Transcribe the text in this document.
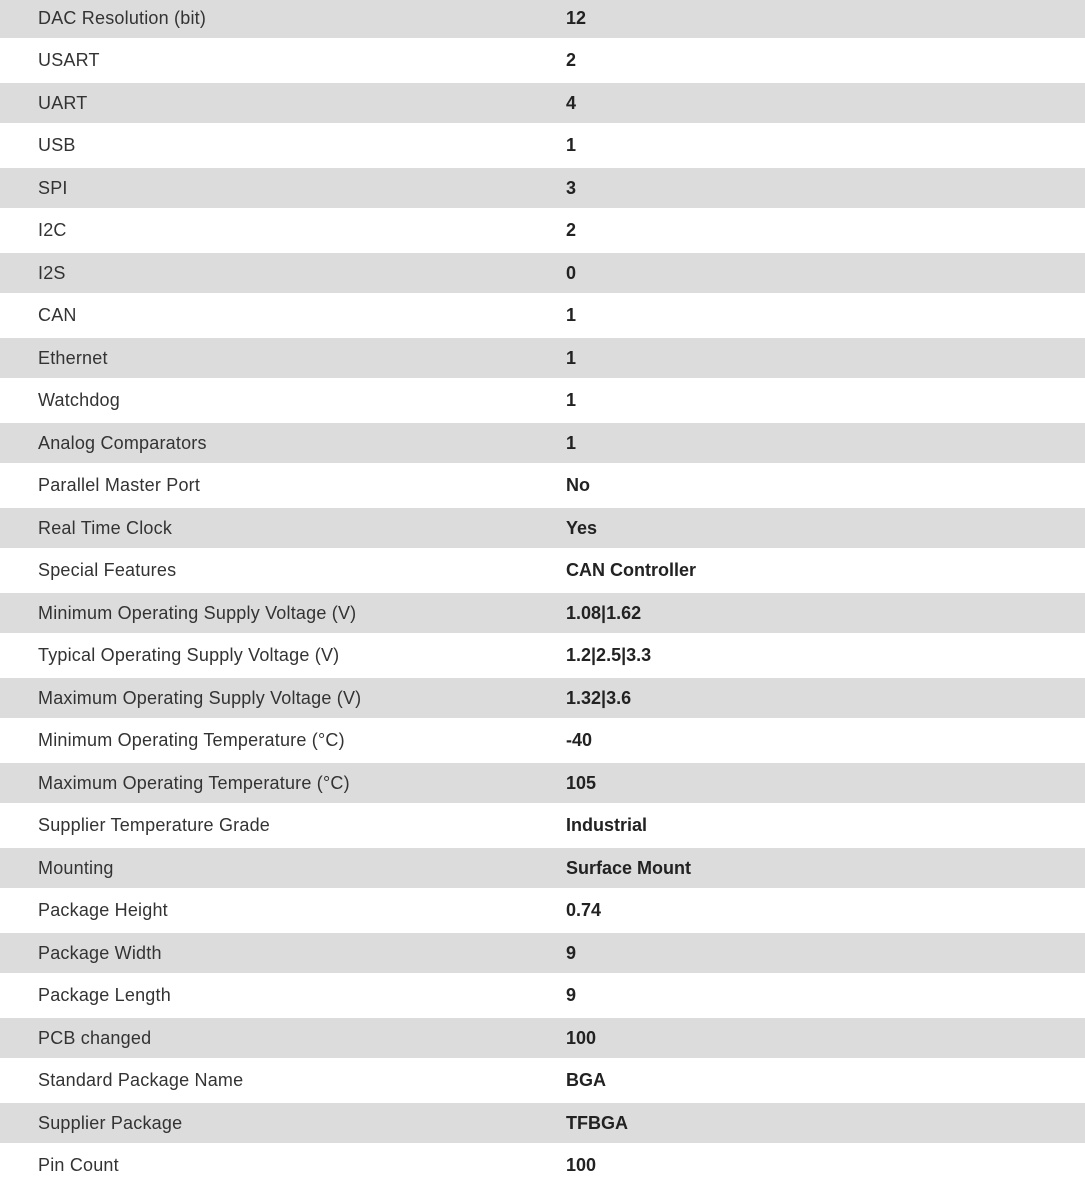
DAC Resolution (bit)	12
USART	2
UART	4
USB	1
SPI	3
I2C	2
I2S	0
CAN	1
Ethernet	1
Watchdog	1
Analog Comparators	1
Parallel Master Port	No
Real Time Clock	Yes
Special Features	CAN Controller
Minimum Operating Supply Voltage (V)	1.08|1.62
Typical Operating Supply Voltage (V)	1.2|2.5|3.3
Maximum Operating Supply Voltage (V)	1.32|3.6
Minimum Operating Temperature (°C)	-40
Maximum Operating Temperature (°C)	105
Supplier Temperature Grade	Industrial
Mounting	Surface Mount
Package Height	0.74
Package Width	9
Package Length	9
PCB changed	100
Standard Package Name	BGA
Supplier Package	TFBGA
Pin Count	100
